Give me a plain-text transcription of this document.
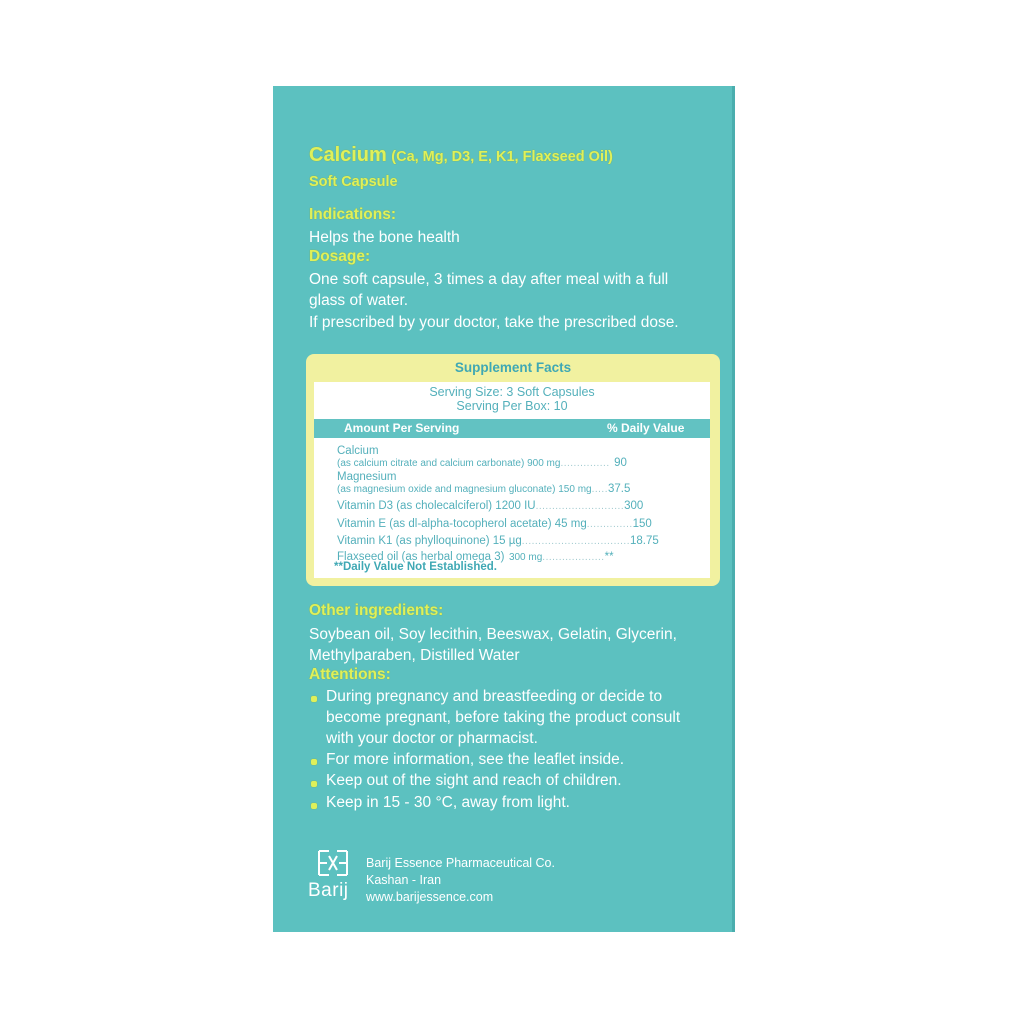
Calcium (Ca, Mg, D3, E, K1, Flaxseed Oil)
Soft Capsule
Indications:
Helps the bone health
Dosage:
One soft capsule, 3 times a day after meal with a full
glass of water.
If prescribed by your doctor, take the prescribed dose.
Supplement Facts
Serving Size: 3 Soft Capsules
Serving Per Box: 10
Amount Per Serving	% Daily Value
Calcium
(as calcium citrate and calcium carbonate) 900 mg............... 90
Magnesium
(as magnesium oxide and magnesium gluconate) 150 mg.....37.5
Vitamin D3 (as cholecalciferol) 1200 IU...........................300
Vitamin E (as dl-alpha-tocopherol acetate) 45 mg..............150
Vitamin K1 (as phylloquinone) 15 µg.................................18.75
Flaxseed oil (as herbal omega 3) 300 mg...................**
**Daily Value Not Established.
Other ingredients:
Soybean oil, Soy lecithin, Beeswax, Gelatin, Glycerin,
Methylparaben, Distilled Water
Attentions:
During pregnancy and breastfeeding or decide to
become pregnant, before taking the product consult
with your doctor or pharmacist.
For more information, see the leaflet inside.
Keep out of the sight and reach of children.
Keep in 15 - 30 °C, away from light.
Barij
Barij Essence Pharmaceutical Co.
Kashan - Iran
www.barijessence.com
